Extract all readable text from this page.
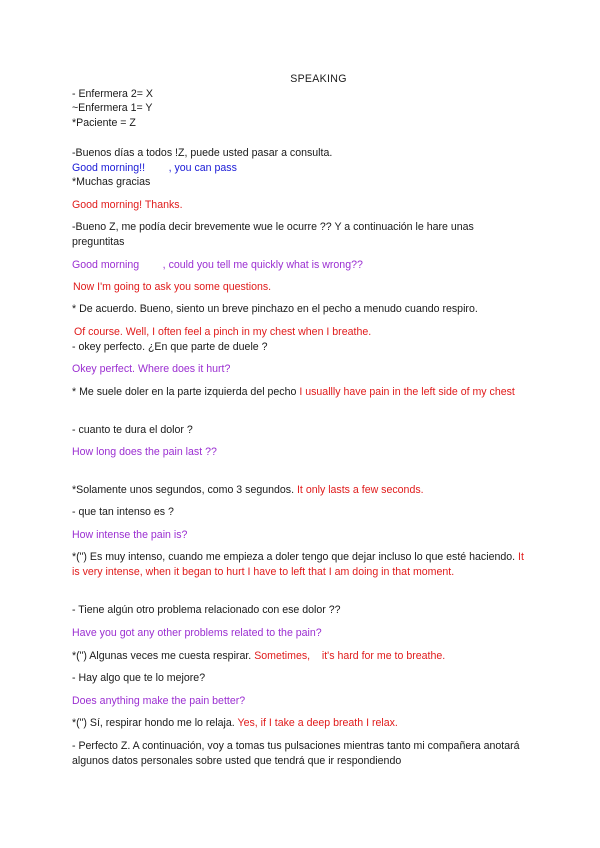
SPEAKING
- Enfermera 2= X
~Enfermera 1= Y
*Paciente = Z
-Buenos días a todos !Z, puede usted pasar a consulta.
Good morning!!        , you can pass
*Muchas gracias
Good morning! Thanks.
-Bueno Z, me podía decir brevemente wue le ocurre ?? Y a continuación le hare unas preguntitas
Good morning        , could you tell me quickly what is wrong??
Now I'm going to ask you some questions.
* De acuerdo. Bueno, siento un breve pinchazo en el pecho a menudo cuando respiro.
Of course. Well, I often feel a pinch in my chest when I breathe.
- okey perfecto. ¿En que parte de duele ?
Okey perfect. Where does it hurt?
* Me suele doler en la parte izquierda del pecho I usuallly have pain in the left side of my chest
- cuanto te dura el dolor ?
How long does the pain last ??
*Solamente unos segundos, como 3 segundos. It only lasts a few seconds.
- que tan intenso es ?
How intense the pain is?
*(") Es muy intenso, cuando me empieza a doler tengo que dejar incluso lo que esté haciendo. It is very intense, when it began to hurt I have to left that I am doing in that moment.
- Tiene algún otro problema relacionado con ese dolor ??
Have you got any other problems related to the pain?
*(") Algunas veces me cuesta respirar. Sometimes,    it's hard for me to breathe.
- Hay algo que te lo mejore?
Does anything make the pain better?
*(") Sí, respirar hondo me lo relaja. Yes, if I take a deep breath I relax.
- Perfecto Z. A continuación, voy a tomas tus pulsaciones mientras tanto mi compañera anotará algunos datos personales sobre usted que tendrá que ir respondiendo
